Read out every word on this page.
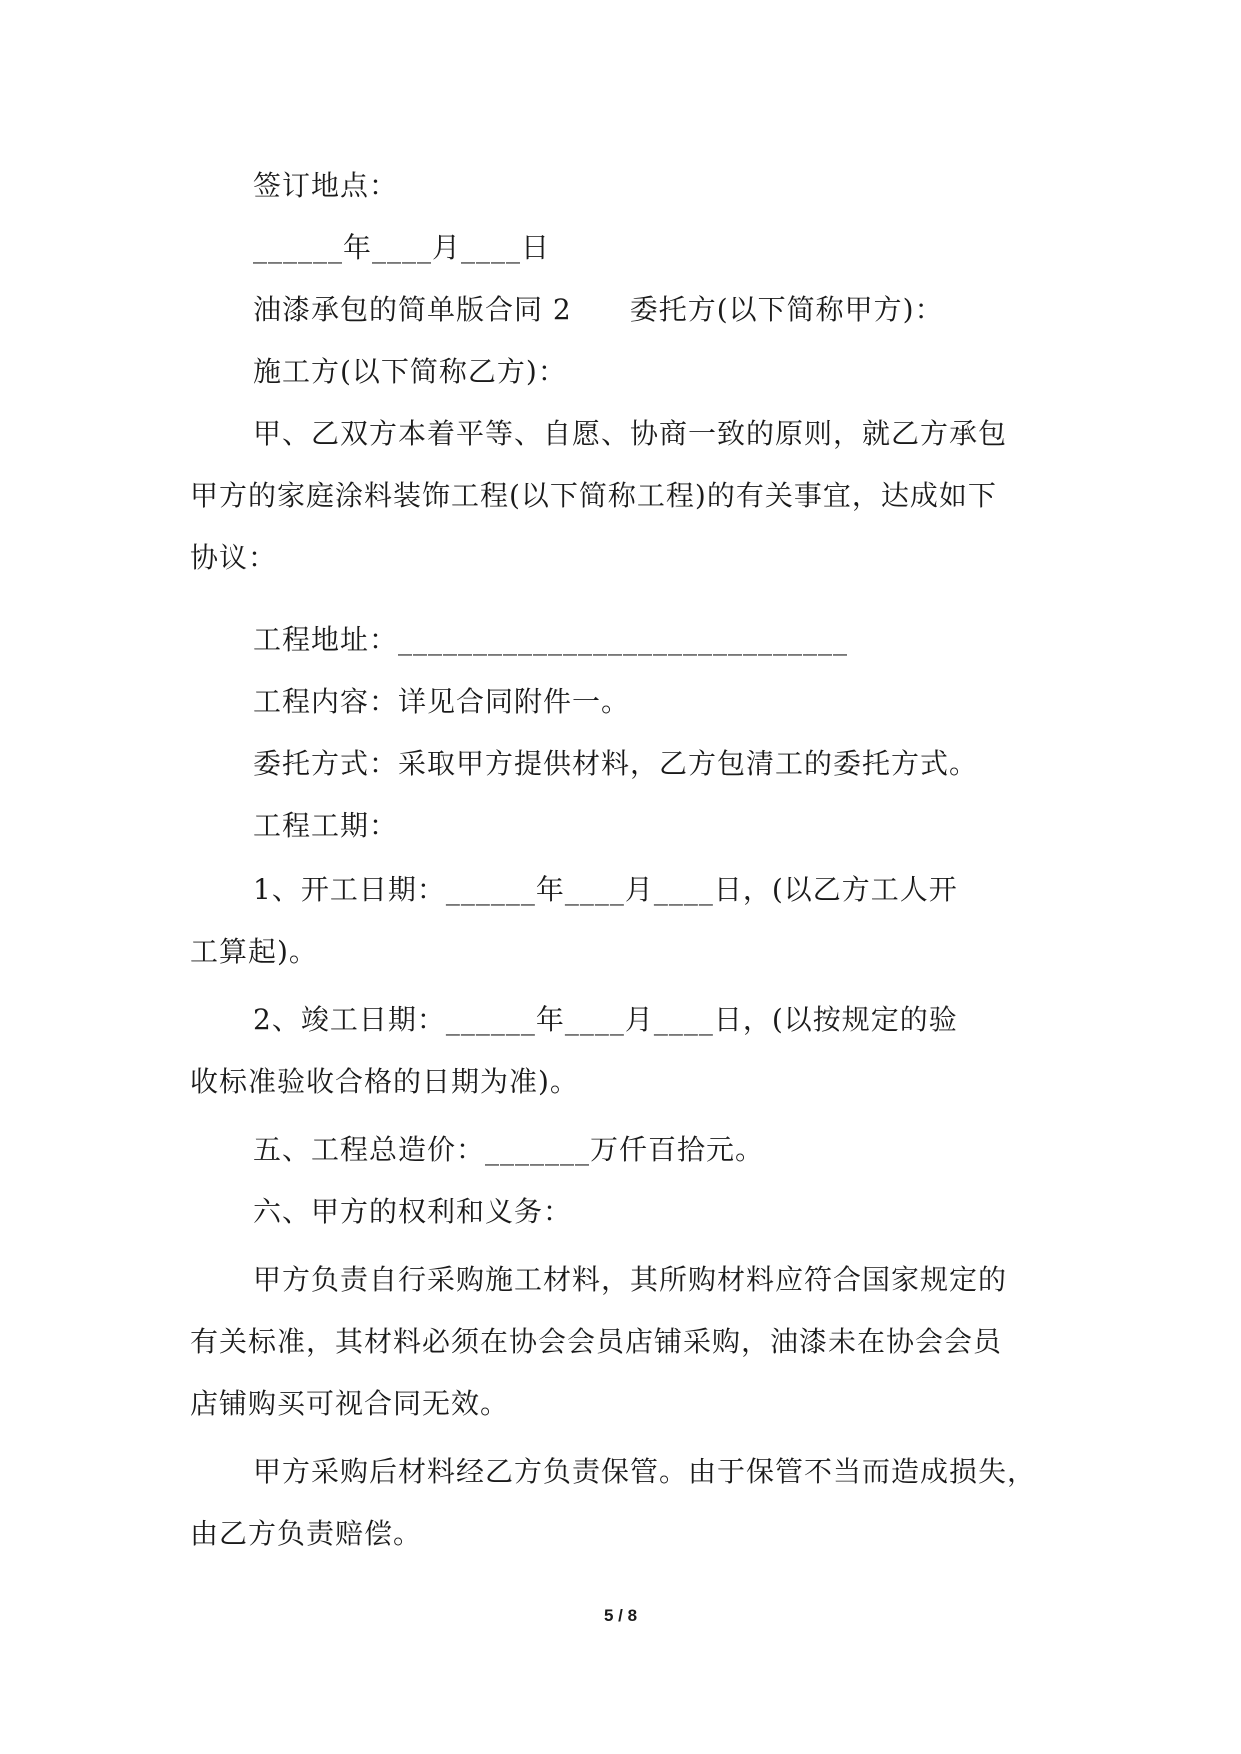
签订地点：
______年____月____日
油漆承包的简单版合同 2　　委托方(以下简称甲方)：
施工方(以下简称乙方)：
甲、乙双方本着平等、自愿、协商一致的原则，就乙方承包
甲方的家庭涂料装饰工程(以下简称工程)的有关事宜，达成如下
协议：
工程地址：______________________________
工程内容：详见合同附件一。
委托方式：采取甲方提供材料，乙方包清工的委托方式。
工程工期：
1、开工日期：______年____月____日，(以乙方工人开
工算起)。
2、竣工日期：______年____月____日，(以按规定的验
收标准验收合格的日期为准)。
五、工程总造价：_______万仟百拾元。
六、甲方的权利和义务：
甲方负责自行采购施工材料，其所购材料应符合国家规定的
有关标准，其材料必须在协会会员店铺采购，油漆未在协会会员
店铺购买可视合同无效。
甲方采购后材料经乙方负责保管。由于保管不当而造成损失，
由乙方负责赔偿。
5 / 8
